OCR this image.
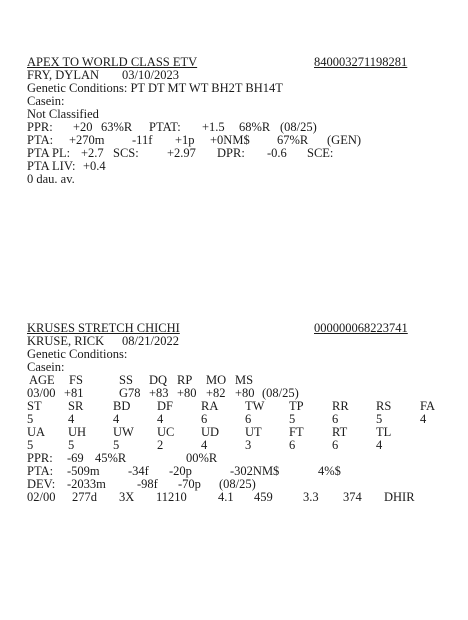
APEX TO WORLD CLASS ETV	840003271198281
FRY, DYLAN 03/10/2023
Genetic Conditions: PT DT MT WT BH2T BH14T
Casein:
Not Classified
PPR: +20 63%R PTAT: +1.5 68%R (08/25)
PTA: +270m -11f +1p +0NM$ 67%R (GEN)
PTA PL: +2.7 SCS: +2.97 DPR: -0.6 SCE:
PTA LIV: +0.4
0 dau. av.
KRUSES STRETCH CHICHI	000000068223741
KRUSE, RICK 08/21/2022
Genetic Conditions:
Casein:
AGE FS	SS DQ RP MO MS
03/00 +81	G78 +83 +80 +82 +80 (08/25)
ST SR BD DF RA TW TP RR RS FA
5	4	4	4	6	6	5	6	5	4
UA UH UW UC UD UT FT RT TL
5	5	5	2	4	3	6	6	4
PPR: -69 45%R	00%R
PTA: -509m -34f -20p	-302NM$	4%$
DEV: -2033m -98f -70p (08/25)
02/00 277d 3X 11210 4.1 459 3.3 374 DHIR
